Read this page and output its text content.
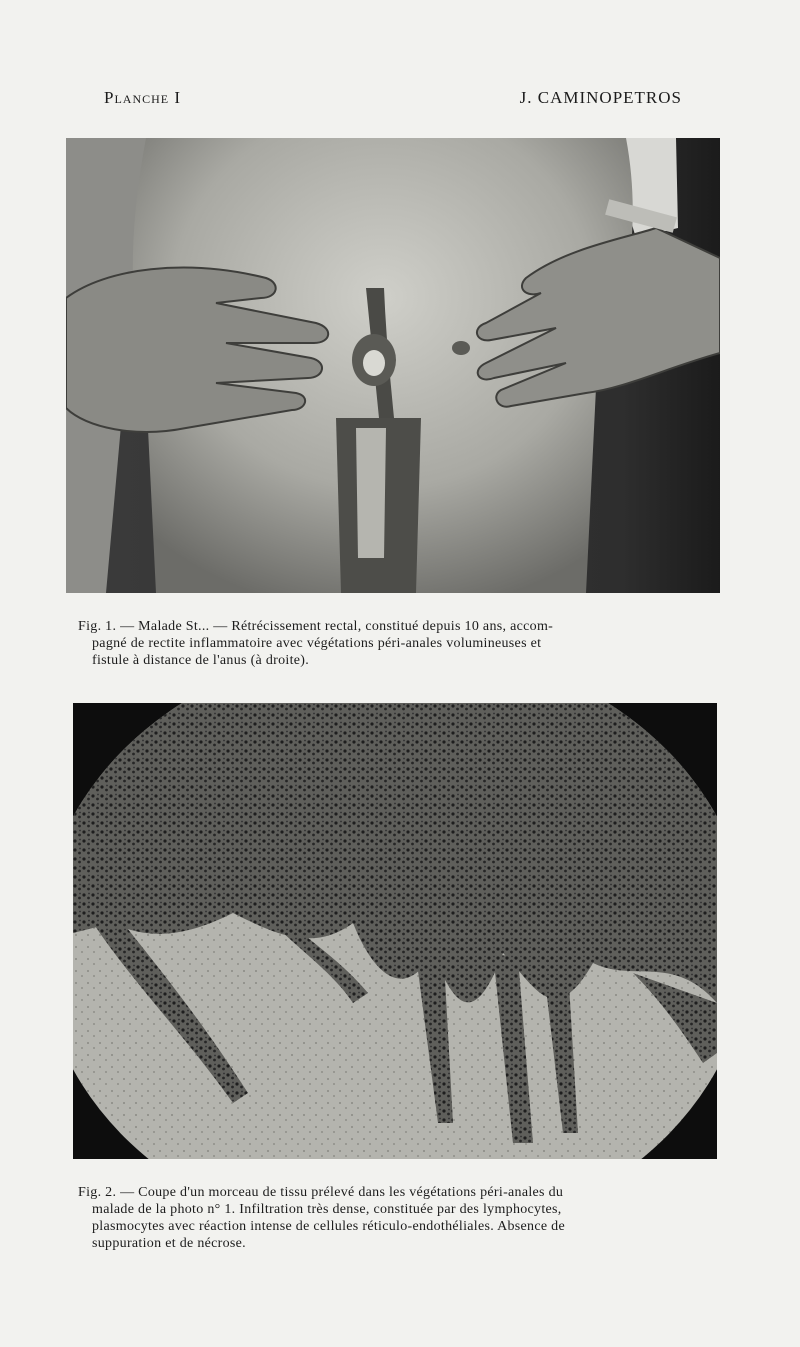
Planche I	J. CAMINOPETROS
Fig. 1. — Malade St... — Rétrécissement rectal, constitué depuis 10 ans, accom-
pagné de rectite inflammatoire avec végétations péri-anales volumineuses et
fistule à distance de l'anus (à droite).
Fig. 2. — Coupe d'un morceau de tissu prélevé dans les végétations péri-anales du
malade de la photo n° 1. Infiltration très dense, constituée par des lymphocytes,
plasmocytes avec réaction intense de cellules réticulo-endothéliales. Absence de
suppuration et de nécrose.
